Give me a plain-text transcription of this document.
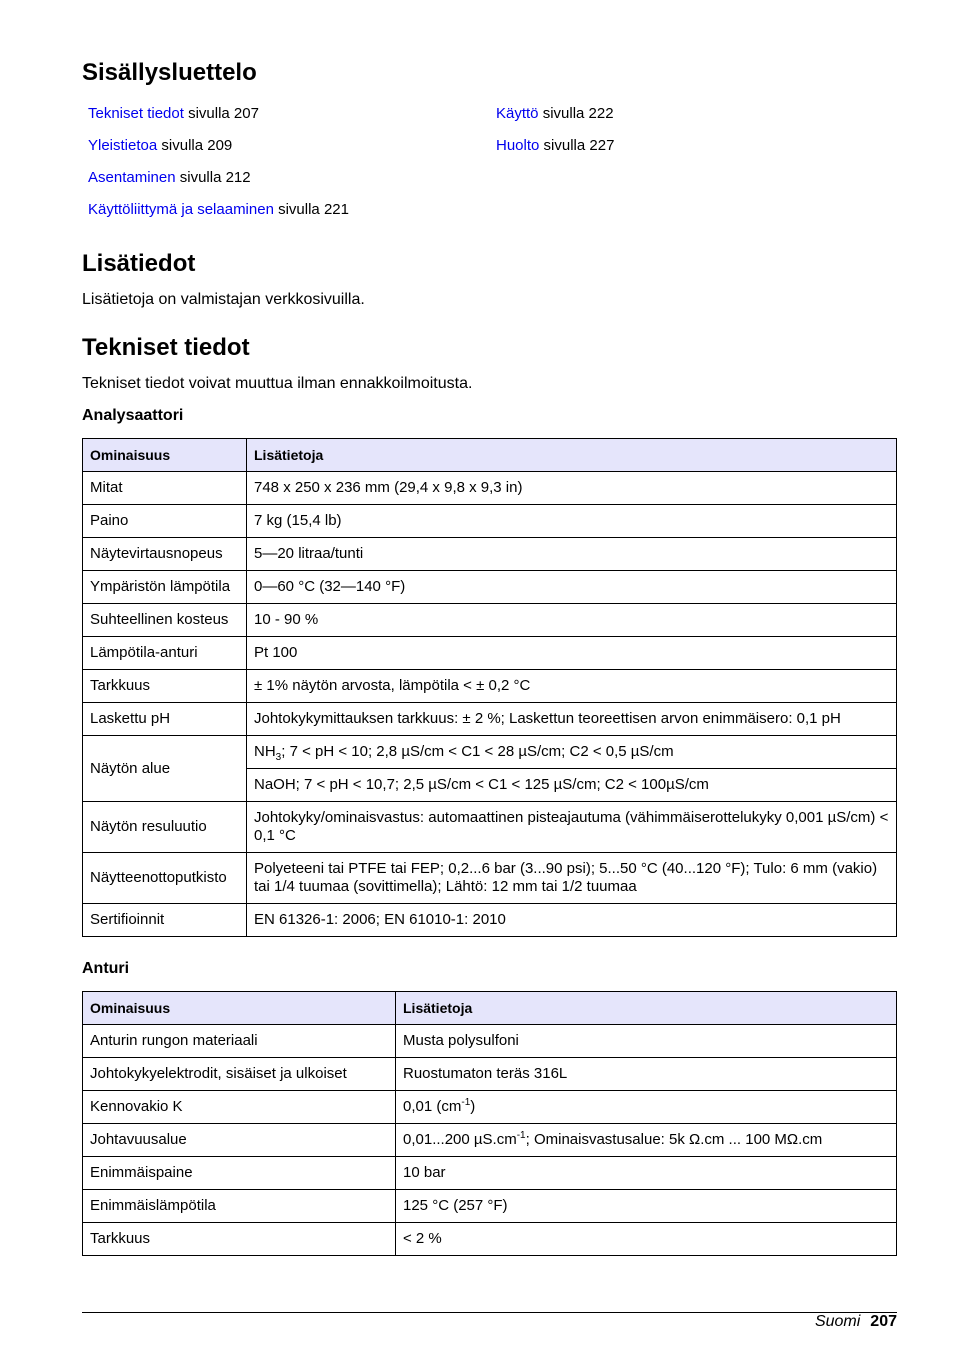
Sisällysluettelo
Tekniset tiedot sivulla 207
Yleistietoa sivulla 209
Asentaminen sivulla 212
Käyttöliittymä ja selaaminen sivulla 221
Käyttö sivulla 222
Huolto sivulla 227
Lisätiedot

Lisätietoja on valmistajan verkkosivuilla.

Tekniset tiedot

Tekniset tiedot voivat muuttua ilman ennakkoilmoitusta.

Analysaattori
Ominaisuus	Lisätietoja
Mitat	748 x 250 x 236 mm (29,4 x 9,8 x 9,3 in)
Paino	7 kg (15,4 lb)
Näytevirtausnopeus	5—20 litraa/tunti
Ympäristön lämpötila	0—60 °C (32—140 °F)
Suhteellinen kosteus	10 - 90 %
Lämpötila-anturi	Pt 100
Tarkkuus	± 1% näytön arvosta, lämpötila < ± 0,2 °C
Laskettu pH	Johtokykymittauksen tarkkuus: ± 2 %; Laskettun teoreettisen arvon enimmäisero: 0,1 pH
Näytön alue	$NH_3$; 7 < pH < 10; 2,8 µS/cm < C1 < 28 µS/cm; C2 < 0,5 µS/cm
	NaOH; 7 < pH < 10,7; 2,5 µS/cm < C1 < 125 µS/cm; C2 < 100µS/cm
Näytön resuluutio	Johtokyky/ominaisvastus: automaattinen pisteajautuma (vähimmäiserottelukyky 0,001 µS/cm) < 0,1 °C
Näytteenottoputkisto	Polyeteeni tai PTFE tai FEP; 0,2...6 bar (3...90 psi); 5...50 °C (40...120 °F); Tulo: 6 mm (vakio) tai 1/4 tuumaa (sovittimella); Lähtö: 12 mm tai 1/2 tuumaa
Sertifioinnit	EN 61326-1: 2006; EN 61010-1: 2010
Anturi
Ominaisuus	Lisätietoja
Anturin rungon materiaali	Musta polysulfoni
Johtokykyelektrodit, sisäiset ja ulkoiset	Ruostumaton teräs 316L
Kennovakio K	0,01 $(cm^{-1})$
Johtavuusalue	0,01...200 $\mu S.cm^{-1}$; Ominaisvastusalue: 5k Ω.cm ... 100 MΩ.cm
Enimmäispaine	10 bar
Enimmäislämpötila	125 °C (257 °F)
Tarkkuus	< 2 %
Suomi 207
